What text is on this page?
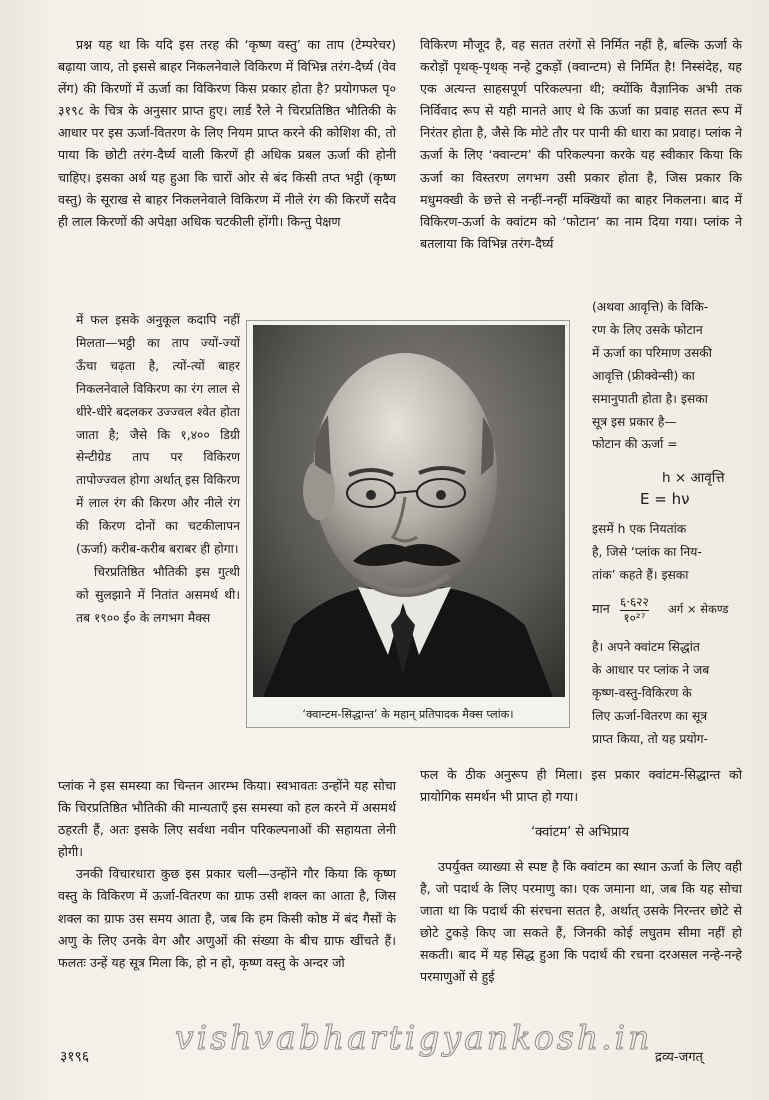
प्रश्न यह था कि यदि इस तरह की ‘कृष्ण वस्तु’ का ताप (टेम्परेचर) बढ़ाया जाय, तो इससे बाहर निकलनेवाले विकिरण में विभिन्न तरंग-दैर्घ्य (वेव लेंग) की किरणों में ऊर्जा का विकिरण किस प्रकार होता है? प्रयोगफल पृ० ३१९८ के चित्र के अनुसार प्राप्त हुए। लार्ड रैले ने चिरप्रतिष्ठित भौतिकी के आधार पर इस ऊर्जा-वितरण के लिए नियम प्राप्त करने की कोशिश की, तो पाया कि छोटी तरंग-दैर्घ्य वाली किरणें ही अधिक प्रबल ऊर्जा की होनी चाहिए। इसका अर्थ यह हुआ कि चारों ओर से बंद किसी तप्त भट्ठी (कृष्ण वस्तु) के सूराख से बाहर निकलनेवाले विकिरण में नीले रंग की किरणें सदैव ही लाल किरणों की अपेक्षा अधिक चटकीली होंगी। किन्तु पेक्षण

में फल इसके अनुकूल कदापि नहीं मिलता—भट्ठी का ताप ज्यों-ज्यों ऊँचा चढ़ता है, त्यों-त्यों बाहर निकलनेवाले विकिरण का रंग लाल से धीरे-धीरे बदलकर उज्ज्वल श्वेत होता जाता है; जैसे कि १,४०० डिग्री सेन्टीग्रेड ताप पर विकिरण तापोज्ज्वल होगा अर्थात् इस विकिरण में लाल रंग की किरण और नीले रंग की किरण दोनों का चटकीलापन (ऊर्जा) करीब-करीब बराबर ही होगा।

चिरप्रतिष्ठित भौतिकी इस गुत्थी को सुलझाने में नितांत असमर्थ थी। तब १९०० ई० के लगभग मैक्स

प्लांक ने इस समस्या का चिन्तन आरम्भ किया। स्वभावतः उन्होंने यह सोचा कि चिरप्रतिष्ठित भौतिकी की मान्यताएँ इस समस्या को हल करने में असमर्थ ठहरती हैं, अतः इसके लिए सर्वथा नवीन परिकल्पनाओं की सहायता लेनी होगी।

उनकी विचारधारा कुछ इस प्रकार चली—उन्होंने गौर किया कि कृष्ण वस्तु के विकिरण में ऊर्जा-वितरण का ग्राफ उसी शक्ल का आता है, जिस शक्ल का ग्राफ उस समय आता है, जब कि हम किसी कोष्ठ में बंद गैसों के अणु के लिए उनके वेग और अणुओं की संख्या के बीच ग्राफ खींचते हैं। फलतः उन्हें यह सूत्र मिला कि, हो न हो, कृष्ण वस्तु के अन्दर जो

विकिरण मौजूद है, वह सतत तरंगों से निर्मित नहीं है, बल्कि ऊर्जा के करोड़ों पृथक्-पृथक् नन्हे टुकड़ों (क्वान्टम) से निर्मित है! निस्संदेह, यह एक अत्यन्त साहसपूर्ण परिकल्पना थी; क्योंकि वैज्ञानिक अभी तक निर्विवाद रूप से यही मानते आए थे कि ऊर्जा का प्रवाह सतत रूप में निरंतर होता है, जैसे कि मोटे तौर पर पानी की धारा का प्रवाह। प्लांक ने ऊर्जा के लिए ‘क्वान्टम’ की परिकल्पना करके यह स्वीकार किया कि ऊर्जा का विस्तरण लगभग उसी प्रकार होता है, जिस प्रकार कि मधुमक्खी के छत्ते से नन्हीं-नन्हीं मक्खियों का बाहर निकलना। बाद में विकिरण-ऊर्जा के क्वांटम को ‘फोटान’ का नाम दिया गया। प्लांक ने बतलाया कि विभिन्न तरंग-दैर्घ्य

(अथवा आवृत्ति) के विकि-
रण के लिए उसके फोटान
में ऊर्जा का परिमाण उसकी
आवृत्ति (फ्रीक्वेन्सी) का
समानुपाती होता है। इसका
सूत्र इस प्रकार है—
फोटान की ऊर्जा =
h × आवृत्ति
E = hν
इसमें h एक नियतांक
है, जिसे ‘प्लांक का निय-
तांक’ कहते हैं। इसका
मान ६·६२२
१०²⁷
अर्ग × सेकण्ड
है। अपने क्वांटम सिद्धांत
के आधार पर प्लांक ने जब
कृष्ण-वस्तु-विकिरण के
लिए ऊर्जा-वितरण का सूत्र
प्राप्त किया, तो यह प्रयोग-

फल के ठीक अनुरूप ही मिला। इस प्रकार क्वांटम-सिद्धान्त को प्रायोगिक समर्थन भी प्राप्त हो गया।

‘क्वांटम’ से अभिप्राय

उपर्युक्त व्याख्या से स्पष्ट है कि क्वांटम का स्थान ऊर्जा के लिए वही है, जो पदार्थ के लिए परमाणु का। एक जमाना था, जब कि यह सोचा जाता था कि पदार्थ की संरचना सतत है, अर्थात् उसके निरन्तर छोटे से छोटे टुकड़े किए जा सकते हैं, जिनकी कोई लघुतम सीमा नहीं हो सकती। बाद में यह सिद्ध हुआ कि पदार्थ की रचना दरअसल नन्हे-नन्हे परमाणुओं से हुई

‘क्वान्टम-सिद्धान्त’ के महान् प्रतिपादक मैक्स प्लांक।
३१९६	द्रव्य-जगत्
vishvabhartigyankosh.in
